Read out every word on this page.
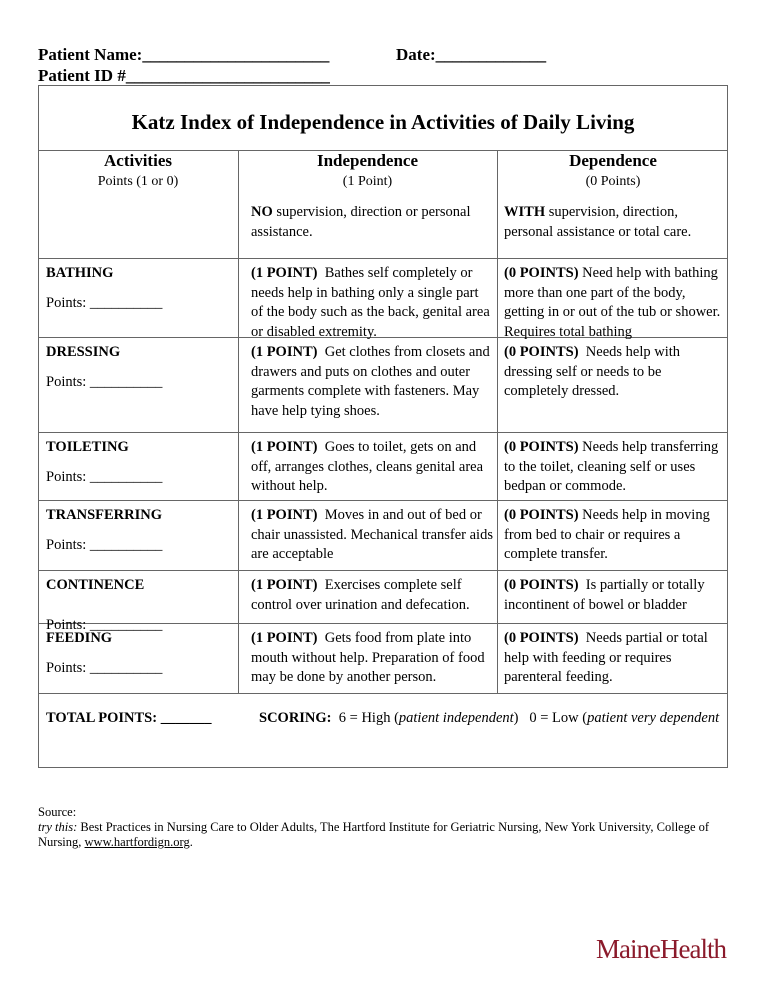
Patient Name:______________________
Patient ID #________________________
Date:_____________
Katz Index of Independence in Activities of Daily Living
Activities
Points (1 or 0)
Independence
(1 Point)
Dependence
(0 Points)
NO supervision, direction or personal assistance.
WITH supervision, direction, personal assistance or total care.
BATHING
Points: __________
(1 POINT)  Bathes self completely or needs help in bathing only a single part of the body such as the back, genital area or disabled extremity.
(0 POINTS) Need help with bathing more than one part of the body, getting in or out of the tub or shower. Requires total bathing
DRESSING
Points: __________
(1 POINT)  Get clothes from closets and drawers and puts on clothes and outer garments complete with fasteners. May have help tying shoes.
(0 POINTS)  Needs help with dressing self or needs to be completely dressed.
TOILETING
Points: __________
(1 POINT)  Goes to toilet, gets on and off, arranges clothes, cleans genital area without help.
(0 POINTS) Needs help transferring to the toilet, cleaning self or uses bedpan or commode.
TRANSFERRING
Points: __________
(1 POINT)  Moves in and out of bed or chair unassisted. Mechanical transfer aids are acceptable
(0 POINTS) Needs help in moving from bed to chair or requires a complete transfer.
CONTINENCE
Points: __________
(1 POINT)  Exercises complete self control over urination and defecation.
(0 POINTS)  Is partially or totally incontinent of bowel or bladder
FEEDING
Points: __________
(1 POINT)  Gets food from plate into mouth without help. Preparation of food may be done by another person.
(0 POINTS)  Needs partial or total help with feeding or requires parenteral feeding.
TOTAL POINTS: _______	SCORING:  6 = High (patient independent)   0 = Low (patient very dependent
Source:
try this: Best Practices in Nursing Care to Older Adults, The Hartford Institute for Geriatric Nursing, New York University, College of Nursing, www.hartfordign.org.
MaineHealth
